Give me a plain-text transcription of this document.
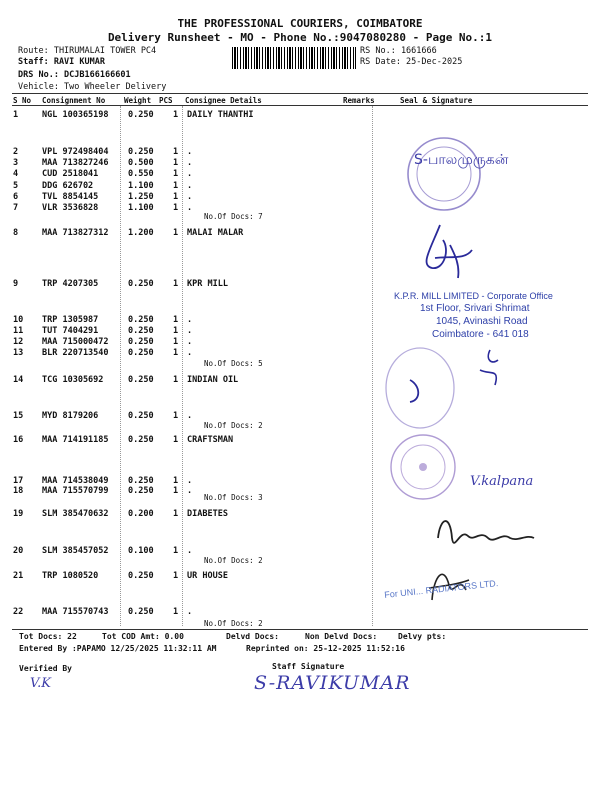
THE PROFESSIONAL COURIERS, COIMBATORE
Delivery Runsheet - MO - Phone No.:9047080280 - Page No.:1
Route: THIRUMALAI TOWER PC4
Staff: RAVI KUMAR
DRS No.: DCJB166166601
Vehicle: Two Wheeler Delivery
RS No.: 1661666
RS Date: 25-Dec-2025
S No Consignment No	Weight PCS Consignee Details	Remarks	Seal & Signature
1	NGL 100365198 0.250 1 DAILY THANTHI
2	VPL 972498404 0.250 1 .
3	MAA 713827246 0.500 1 .
4	CUD 2518041	0.550 1 .
5	DDG 626702	1.100 1 .
6	TVL 8854145	1.250 1 .
7	VLR 3536828	1.100 1 .
8	MAA 713827312 1.200 1 MALAI MALAR
9	TRP 4207305	0.250 1 KPR MILL
10 TRP 1305987	0.250 1 .
11 TUT 7404291	0.250 1 .
12 MAA 715000472 0.250 1 .
13 BLR 220713540 0.250 1 .
14 TCG 10305692	0.250 1 INDIAN OIL
15 MYD 8179206	0.250 1 .
16 MAA 714191185 0.250 1 CRAFTSMAN
17 MAA 714538049 0.250 1 .
18 MAA 715570799 0.250 1 .
19 SLM 385470632 0.200 1 DIABETES
20 SLM 385457052 0.100 1 .
21 TRP 1080520	0.250 1 UR HOUSE
22 MAA 715570743 0.250 1 .
No.Of Docs: 7
No.Of Docs: 5
No.Of Docs: 2
No.Of Docs: 3
No.Of Docs: 2
No.Of Docs: 2
S-பாலமுருகன்
K.P.R. MILL LIMITED - Corporate Office
1st Floor, Srivari Shrimat
1045, Avinashi Road
Coimbatore - 641 018
V.kalpana
For UNI... RADIATORS LTD.
Tot Docs: 22	Tot COD Amt: 0.00	Delvd Docs:	Non Delvd Docs:	Delvy pts:
Entered By :PAPAMO 12/25/2025 11:32:11 AM	Reprinted on: 25-12-2025 11:52:16
Verified By	Staff Signature
V.K	S-RAVIKUMAR
